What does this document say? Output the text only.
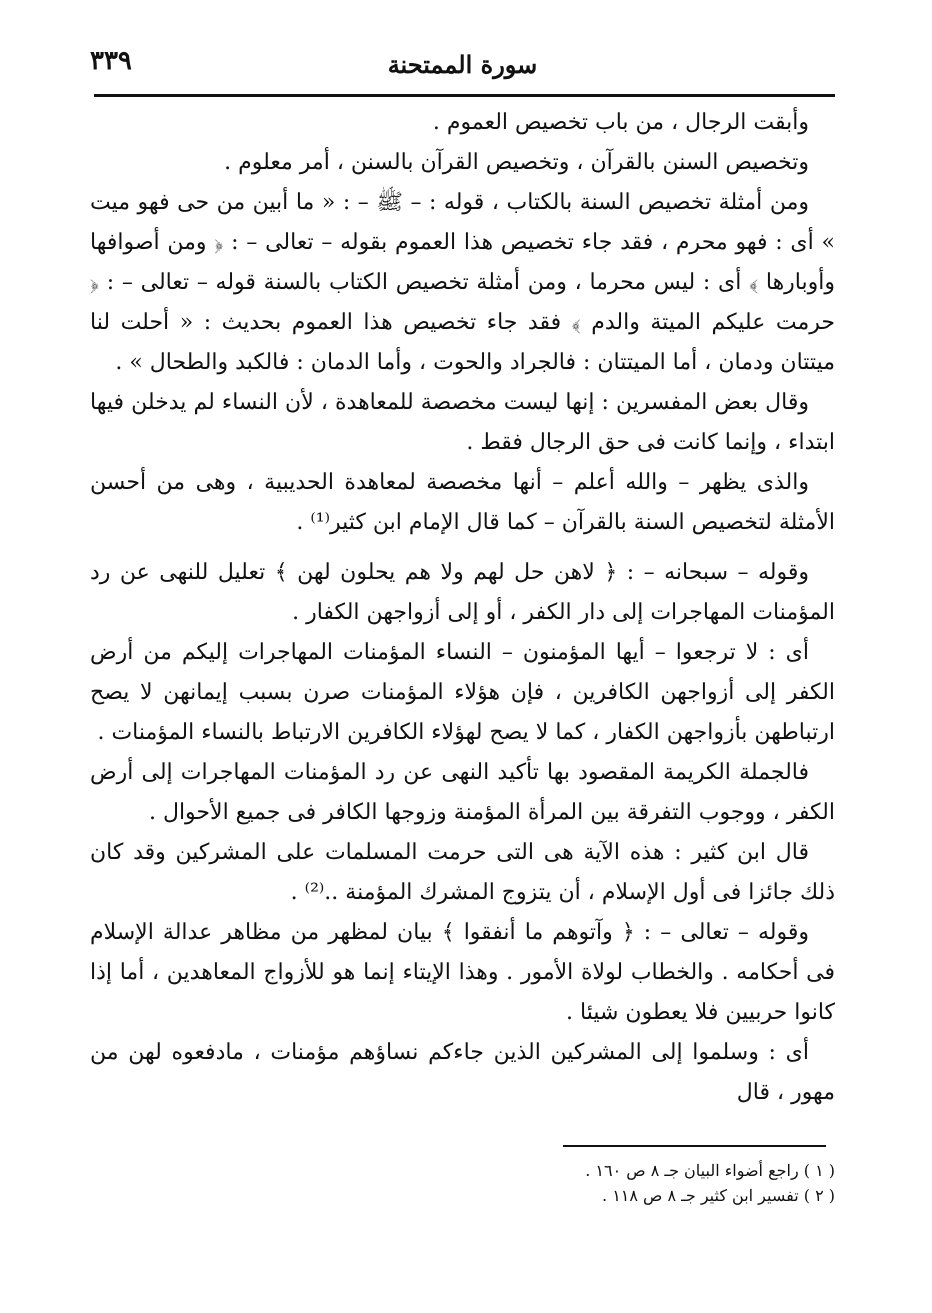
٣٣٩	سورة الممتحنة

وأبقت الرجال ، من باب تخصيص العموم .

وتخصيص السنن بالقرآن ، وتخصيص القرآن بالسنن ، أمر معلوم .

ومن أمثلة تخصيص السنة بالكتاب ، قوله : – ﷺ – : « ما أبين من حى فهو ميت » أى : فهو محرم ، فقد جاء تخصيص هذا العموم بقوله – تعالى – : ﴿ ومن أصوافها وأوبارها ﴾ أى : ليس محرما ، ومن أمثلة تخصيص الكتاب بالسنة قوله – تعالى – : ﴿ حرمت عليكم الميتة والدم ﴾ فقد جاء تخصيص هذا العموم بحديث : « أحلت لنا ميتتان ودمان ، أما الميتتان : فالجراد والحوت ، وأما الدمان : فالكبد والطحال » .

وقال بعض المفسرين : إنها ليست مخصصة للمعاهدة ، لأن النساء لم يدخلن فيها ابتداء ، وإنما كانت فى حق الرجال فقط .

والذى يظهر – والله أعلم – أنها مخصصة لمعاهدة الحديبية ، وهى من أحسن الأمثلة لتخصيص السنة بالقرآن – كما قال الإمام ابن كثير⁽¹⁾ .

وقوله – سبحانه – : ﴿ لاهن حل لهم ولا هم يحلون لهن ﴾ تعليل للنهى عن رد المؤمنات المهاجرات إلى دار الكفر ، أو إلى أزواجهن الكفار .

أى : لا ترجعوا – أيها المؤمنون – النساء المؤمنات المهاجرات إليكم من أرض الكفر إلى أزواجهن الكافرين ، فإن هؤلاء المؤمنات صرن بسبب إيمانهن لا يصح ارتباطهن بأزواجهن الكفار ، كما لا يصح لهؤلاء الكافرين الارتباط بالنساء المؤمنات .

فالجملة الكريمة المقصود بها تأكيد النهى عن رد المؤمنات المهاجرات إلى أرض الكفر ، ووجوب التفرقة بين المرأة المؤمنة وزوجها الكافر فى جميع الأحوال .

قال ابن كثير : هذه الآية هى التى حرمت المسلمات على المشركين وقد كان ذلك جائزا فى أول الإسلام ، أن يتزوج المشرك المؤمنة ..⁽²⁾ .

وقوله – تعالى – : ﴿ وآتوهم ما أنفقوا ﴾ بيان لمظهر من مظاهر عدالة الإسلام فى أحكامه . والخطاب لولاة الأمور . وهذا الإيتاء إنما هو للأزواج المعاهدين ، أما إذا كانوا حربيين فلا يعطون شيئا .

أى : وسلموا إلى المشركين الذين جاءكم نساؤهم مؤمنات ، مادفعوه لهن من مهور ، قال

( ١ ) راجع أضواء البيان جـ ٨ ص ١٦٠ .

( ٢ ) تفسير ابن كثير جـ ٨ ص ١١٨ .
